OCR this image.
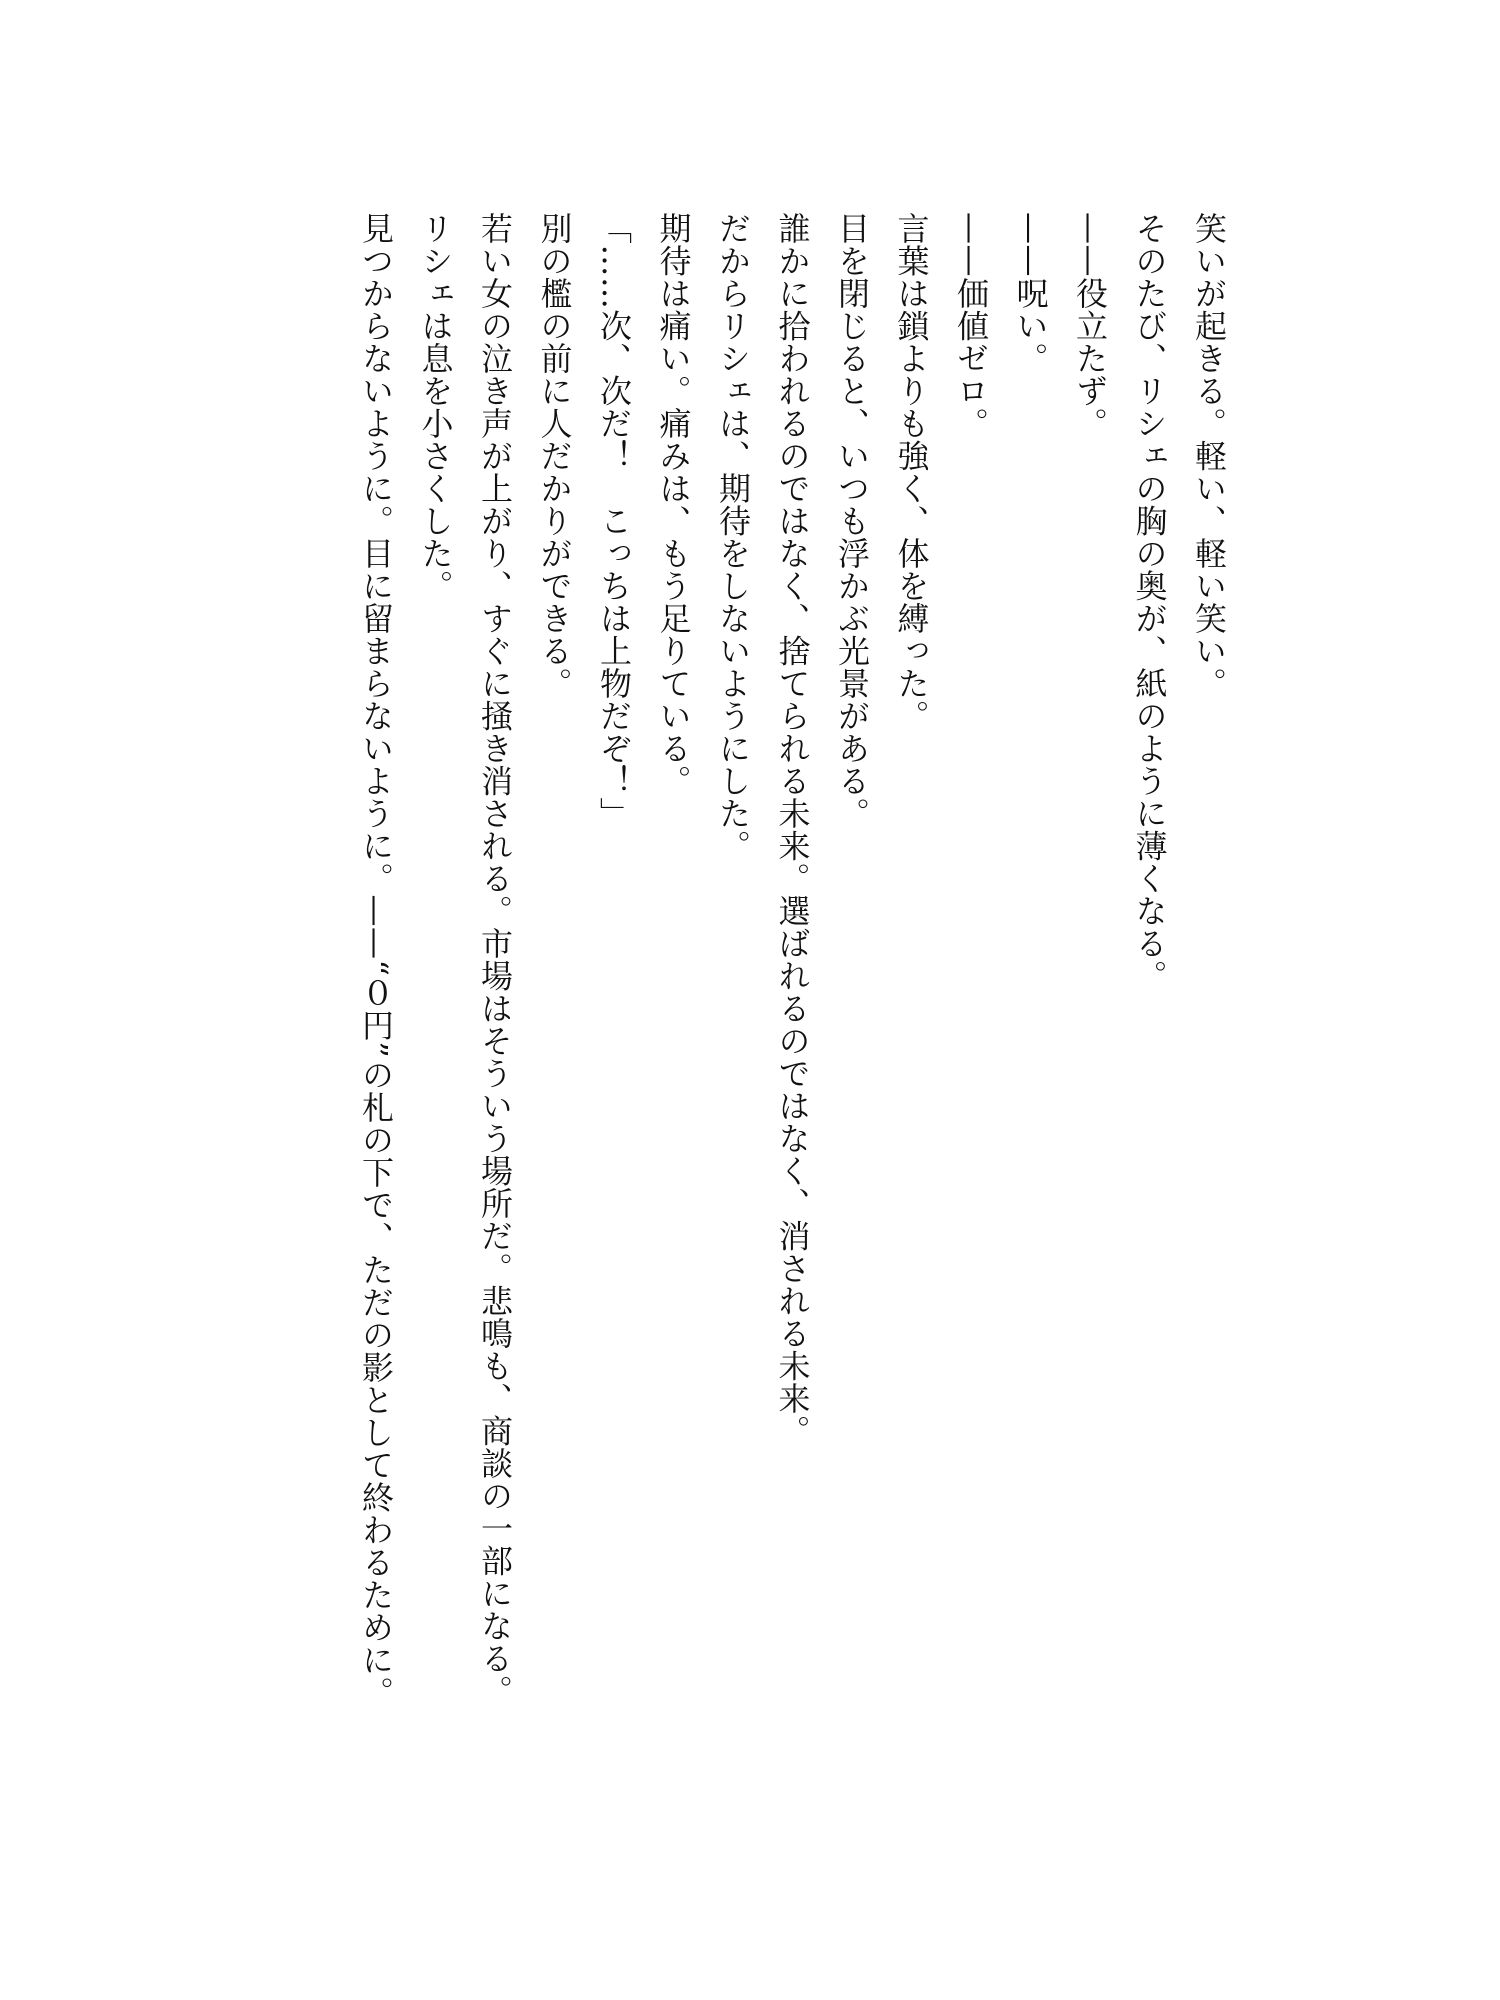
笑いが起きる。軽い、軽い笑い。

そのたび、リシェの胸の奥が、紙のように薄くなる。

——役立たず。

——呪い。

——価値ゼロ。

言葉は鎖よりも強く、体を縛った。

目を閉じると、いつも浮かぶ光景がある。

誰かに拾われるのではなく、捨てられる未来。選ばれるのではなく、消される未来。

だからリシェは、期待をしないようにした。

期待は痛い。痛みは、もう足りている。

「……次、次だ！　こっちは上物だぞ！」

別の檻の前に人だかりができる。

若い女の泣き声が上がり、すぐに掻き消される。市場はそういう場所だ。悲鳴も、商談の一部になる。

リシェは息を小さくした。

見つからないように。目に留まらないように。——“０円”の札の下で、ただの影として終わるために。
